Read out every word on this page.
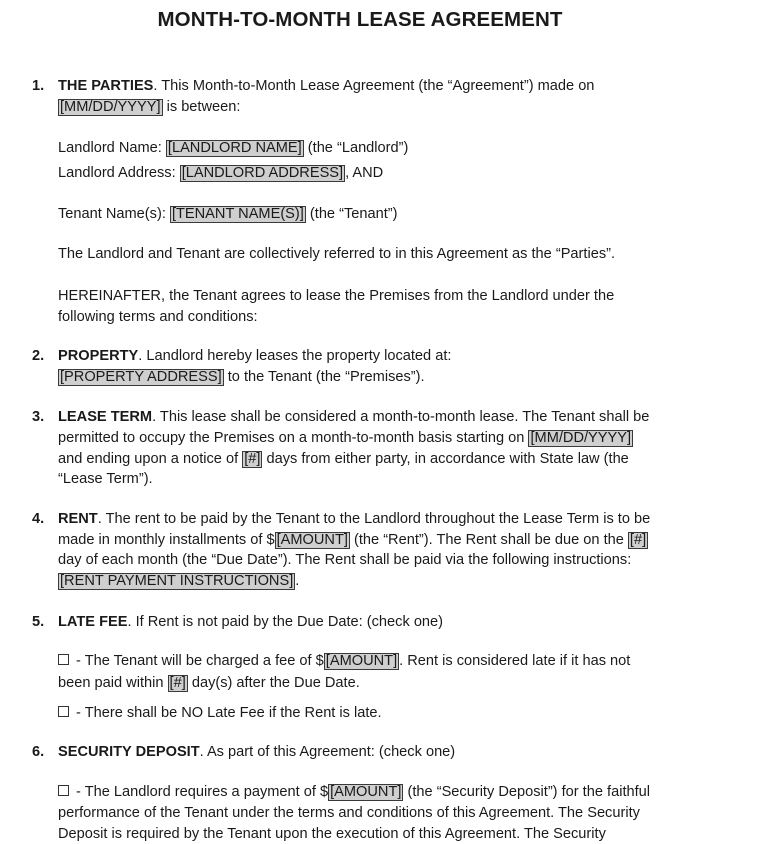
MONTH-TO-MONTH LEASE AGREEMENT
1. THE PARTIES. This Month-to-Month Lease Agreement (the “Agreement”) made on
[MM/DD/YYYY] is between:
Landlord Name: [LANDLORD NAME] (the “Landlord”)
Landlord Address: [LANDLORD ADDRESS] , AND
Tenant Name(s): [TENANT NAME(S)] (the “Tenant”)
The Landlord and Tenant are collectively referred to in this Agreement as the “Parties”.
HEREINAFTER, the Tenant agrees to lease the Premises from the Landlord under the
following terms and conditions:
2. PROPERTY. Landlord hereby leases the property located at:
[PROPERTY ADDRESS] to the Tenant (the “Premises”).
3. LEASE TERM. This lease shall be considered a month-to-month lease. The Tenant shall be
permitted to occupy the Premises on a month-to-month basis starting on [MM/DD/YYYY]
and ending upon a notice of [#] days from either party, in accordance with State law (the
“Lease Term”).
4. RENT. The rent to be paid by the Tenant to the Landlord throughout the Lease Term is to be
made in monthly installments of $ [AMOUNT] (the “Rent”). The Rent shall be due on the [#]
day of each month (the “Due Date”). The Rent shall be paid via the following instructions:
[RENT PAYMENT INSTRUCTIONS] .
5. LATE FEE. If Rent is not paid by the Due Date: (check one)
- The Tenant will be charged a fee of $ [AMOUNT] . Rent is considered late if it has not
been paid within [#] day(s) after the Due Date.
- There shall be NO Late Fee if the Rent is late.
6. SECURITY DEPOSIT. As part of this Agreement: (check one)
- The Landlord requires a payment of $ [AMOUNT] (the “Security Deposit”) for the faithful
performance of the Tenant under the terms and conditions of this Agreement. The Security
Deposit is required by the Tenant upon the execution of this Agreement. The Security
